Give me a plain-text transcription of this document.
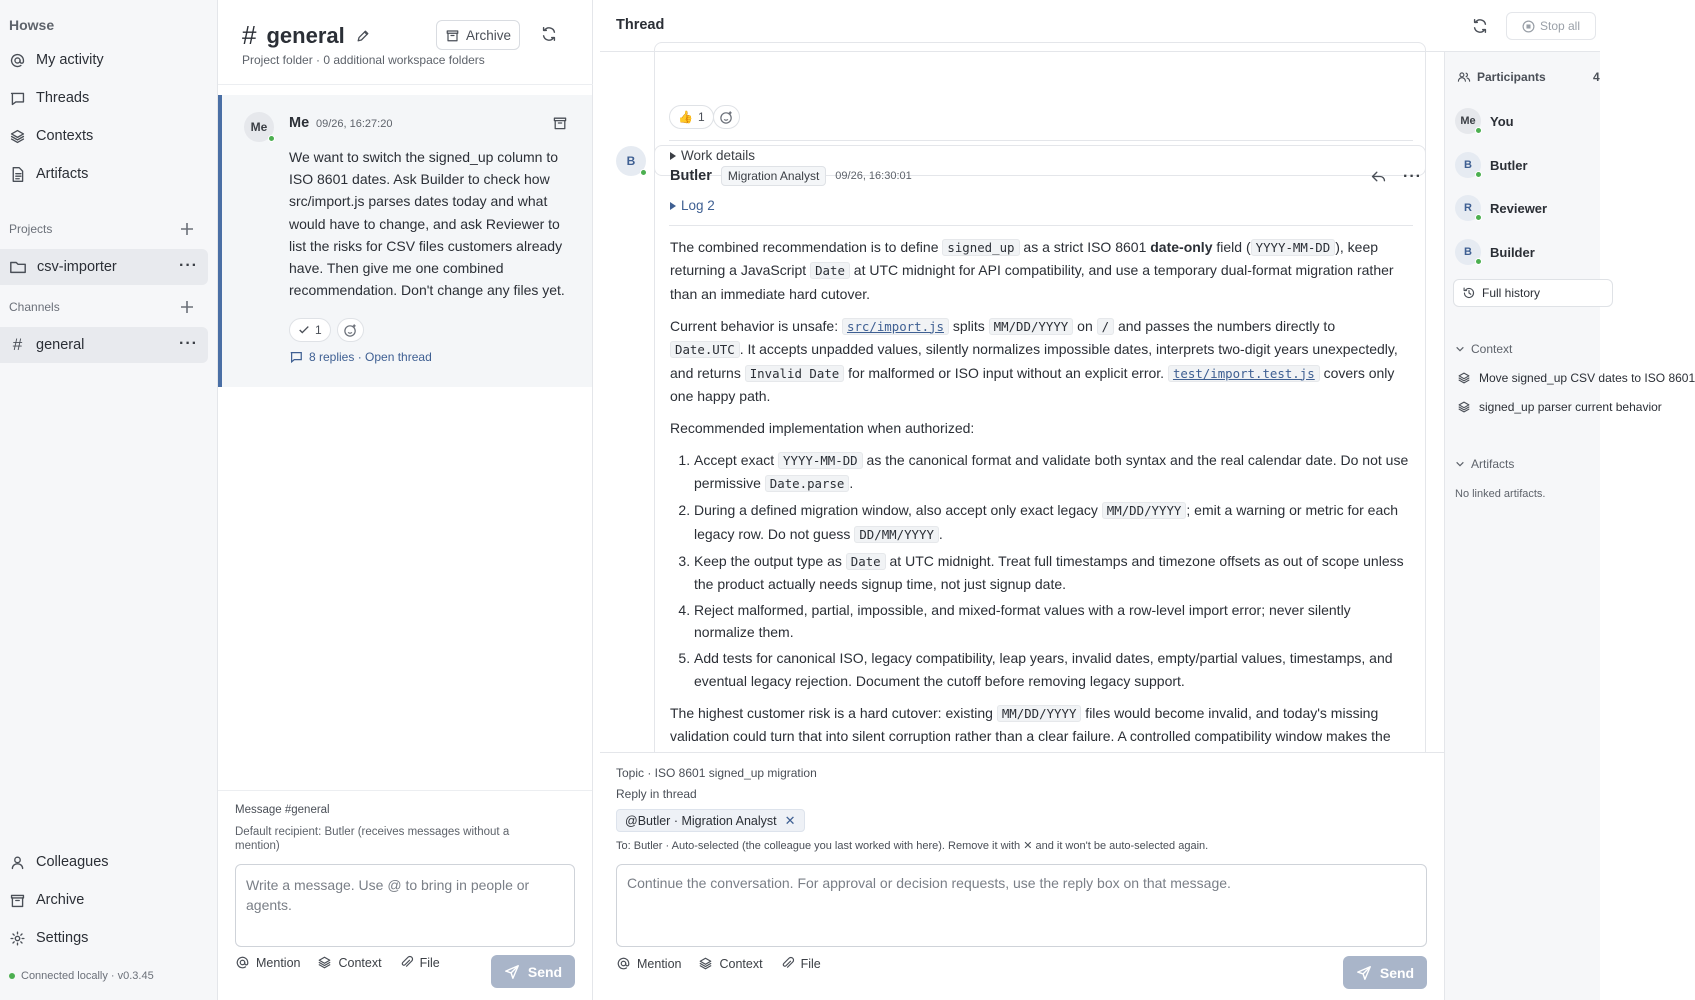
Howse
My activity
Threads
Contexts
Artifacts
Projects
csv-importer	···
Channels
# general	···
Colleagues
Archive
Settings
Connected locally · v0.3.45
# general	Archive
Project folder · 0 additional workspace folders
Me Me 09/26, 16:27:20
We want to switch the signed_up column to ISO 8601 dates. Ask Builder to check how src/import.js parses dates today and what would have to change, and ask Reviewer to list the risks for CSV files customers already have. Then give me one combined recommendation. Don't change any files yet.
1
8 replies · Open thread
Message #general
Default recipient: Butler (receives messages without a mention)
Write a message. Use @ to bring in people or agents.
Mention	Context	File
Send
Thread	Stop all
👍 1
Work details
B
Butler	Migration Analyst	09/26, 16:30:01	···
Log 2

The combined recommendation is to define signed_up as a strict ISO 8601 date-only field ( YYYY-MM-DD ), keep returning a JavaScript Date at UTC midnight for API compatibility, and use a temporary dual-format migration rather than an immediate hard cutover.

Current behavior is unsafe: src/import.js splits MM/DD/YYYY on / and passes the numbers directly to Date.UTC . It accepts unpadded values, silently normalizes impossible dates, interprets two-digit years unexpectedly, and returns Invalid Date for malformed or ISO input without an explicit error. test/import.test.js covers only one happy path.

Recommended implementation when authorized:

1. Accept exact YYYY-MM-DD as the canonical format and validate both syntax and the real calendar date. Do not use permissive Date.parse .
2. During a defined migration window, also accept only exact legacy MM/DD/YYYY ; emit a warning or metric for each legacy row. Do not guess DD/MM/YYYY .
3. Keep the output type as Date at UTC midnight. Treat full timestamps and timezone offsets as out of scope unless the product actually needs signup time, not just signup date.
4. Reject malformed, partial, impossible, and mixed-format values with a row-level import error; never silently normalize them.
5. Add tests for canonical ISO, legacy compatibility, leap years, invalid dates, empty/partial values, timestamps, and eventual legacy rejection. Document the cutoff before removing legacy support.

The highest customer risk is a hard cutover: existing MM/DD/YYYY files would become invalid, and today's missing validation could turn that into silent corruption rather than a clear failure. A controlled compatibility window makes the

Topic · ISO 8601 signed_up migration
Reply in thread
@Butler · Migration Analyst ✕
To: Butler · Auto-selected (the colleague you last worked with here). Remove it with ✕ and it won't be auto-selected again.
Continue the conversation. For approval or decision requests, use the reply box on that message.
Mention	Context	File
Send
Participants	4
Me You
B Butler
R Reviewer
B Builder
Full history
Context
Move signed_up CSV dates to ISO 8601
signed_up parser current behavior
Artifacts
No linked artifacts.
